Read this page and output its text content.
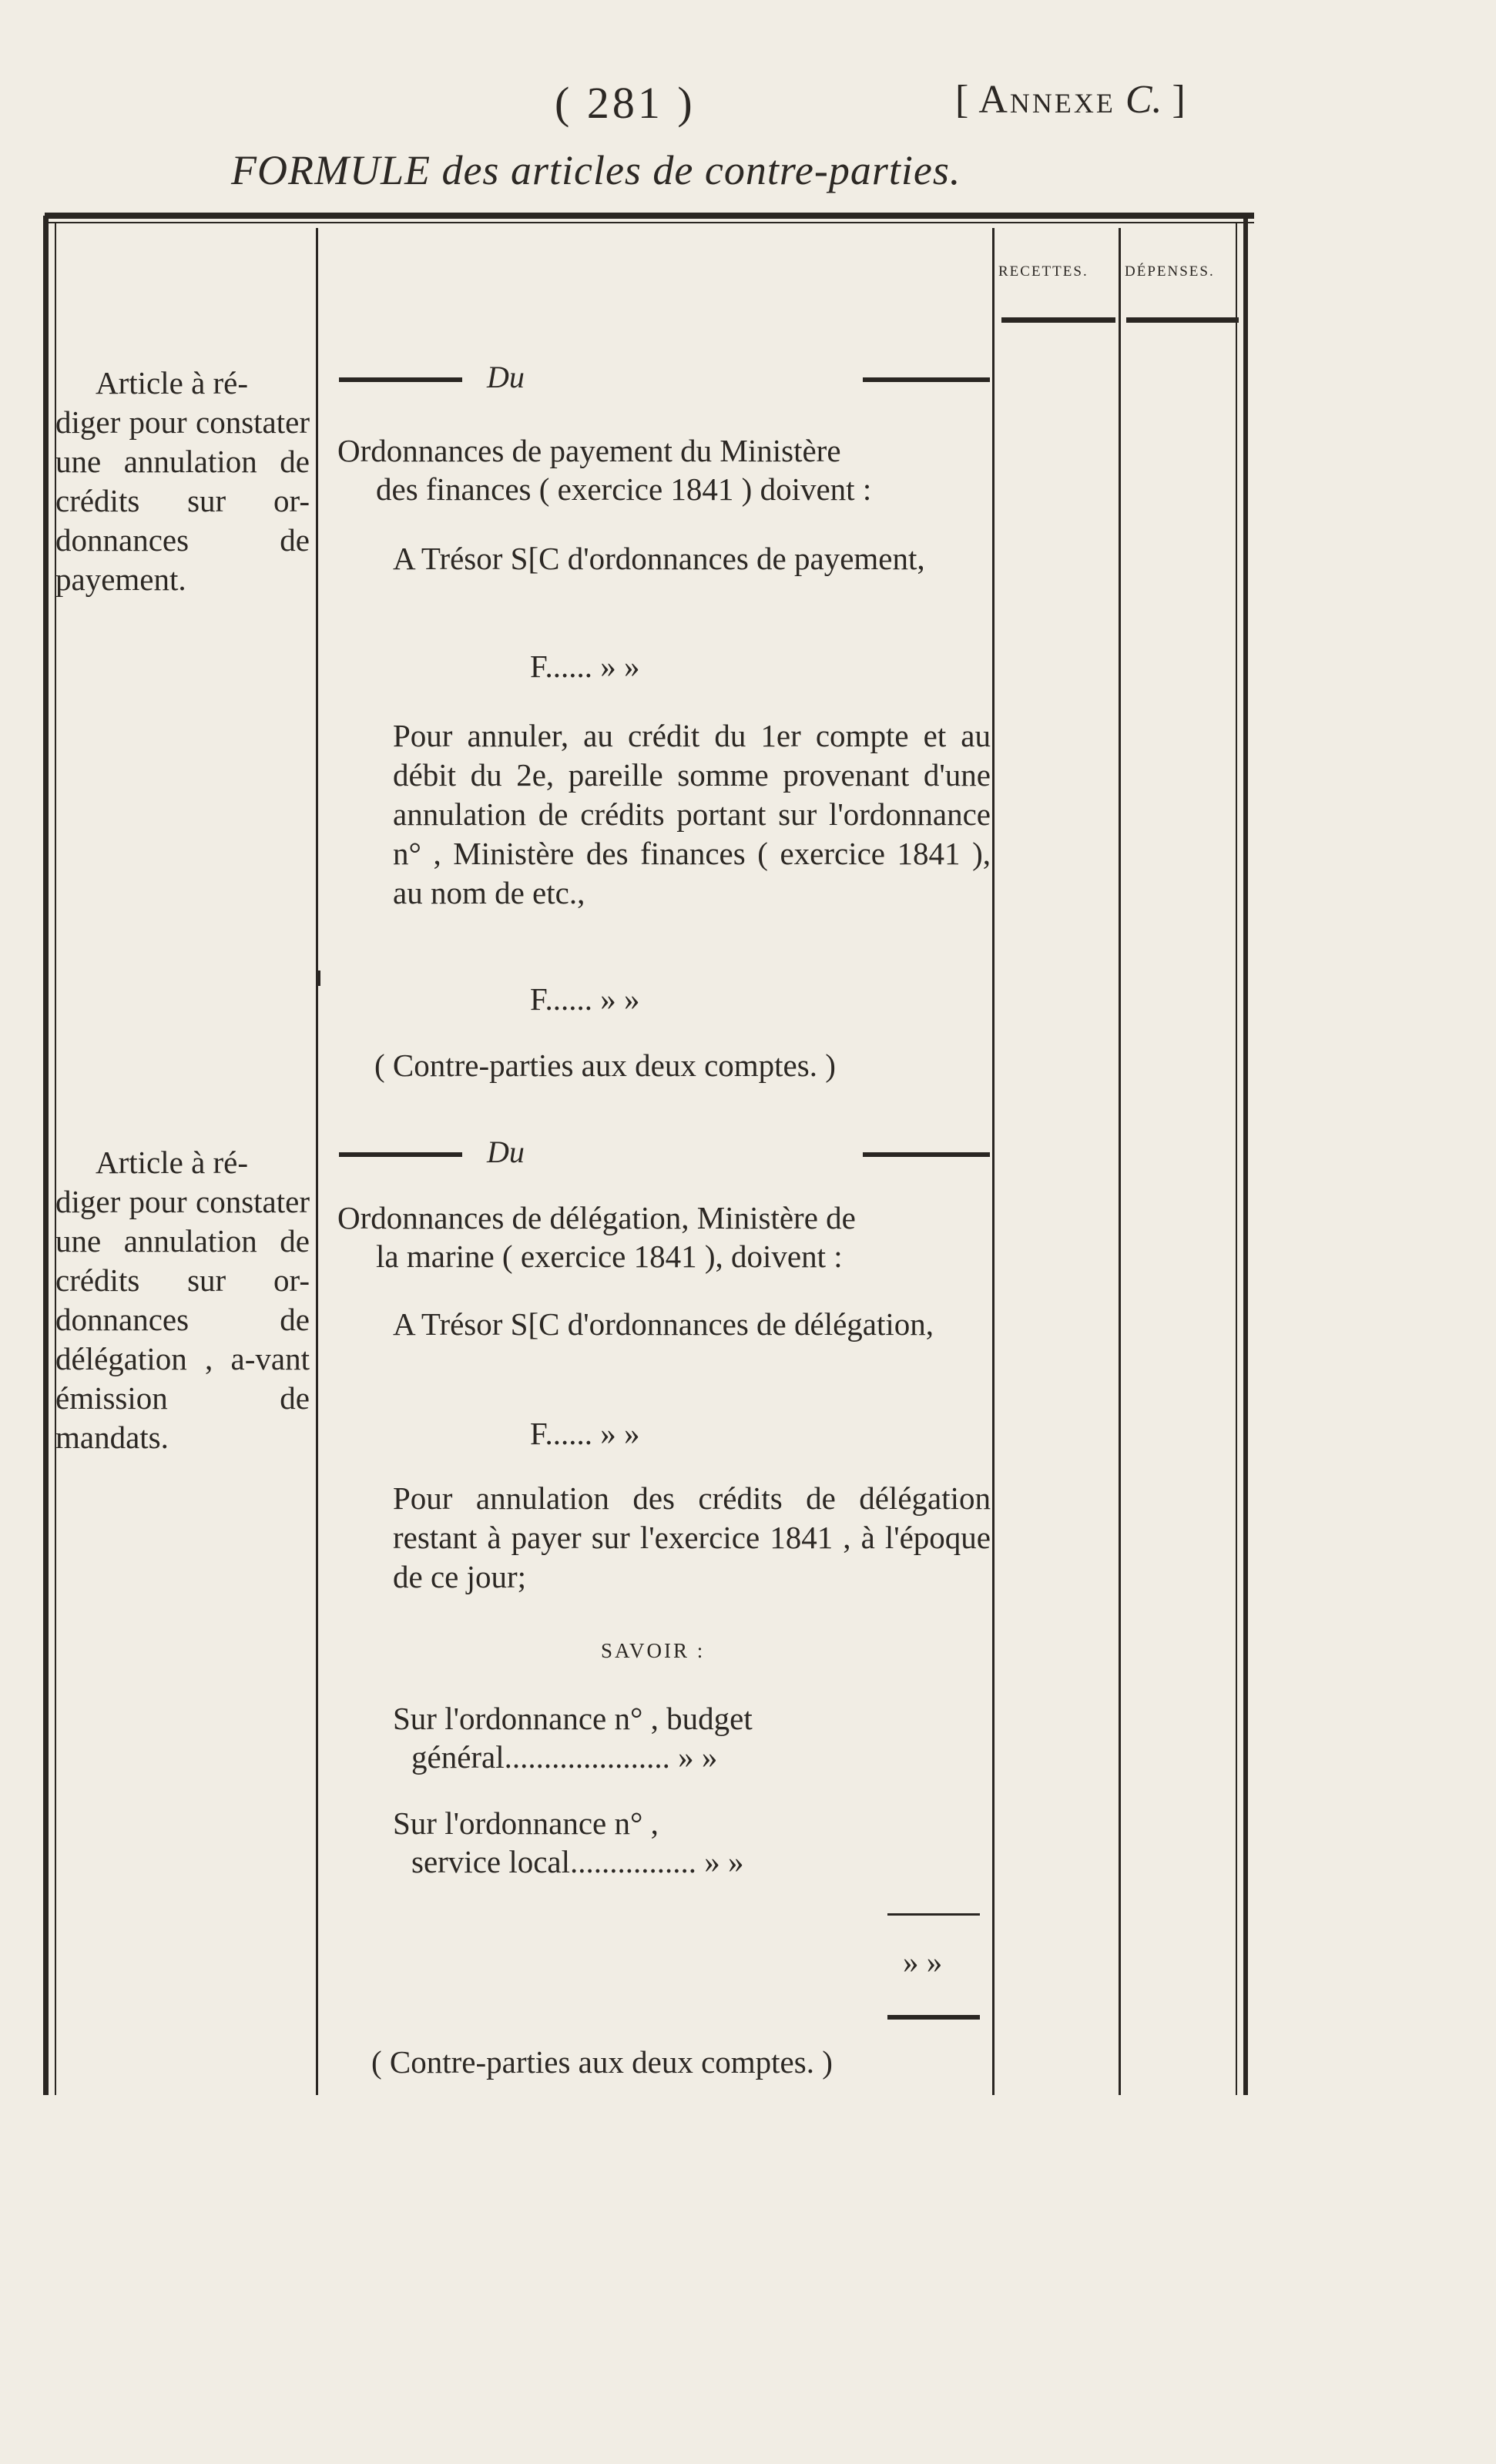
( 281 )	[ Annexe C. ]
FORMULE des articles de contre-parties.
RECETTES. DÉPENSES.
Article à ré-
diger pour constater une annulation de crédits sur or-donnances de payement.
Du
Ordonnances de payement du Ministère
des finances ( exercice 1841 ) doivent :
A Trésor S[C d'ordonnances de payement,
F...... » »
Pour annuler, au crédit du 1er compte et au débit du 2e, pareille somme provenant d'une annulation de crédits portant sur l'ordonnance n° , Ministère des finances ( exercice 1841 ), au nom de etc.,
F...... » »
( Contre-parties aux deux comptes. )
Article à ré-
diger pour constater une annulation de crédits sur or-donnances de délégation , a-vant émission de mandats.
Du
Ordonnances de délégation, Ministère de
la marine ( exercice 1841 ), doivent :
A Trésor S[C d'ordonnances de délégation,
F...... » »
Pour annulation des crédits de délégation restant à payer sur l'exercice 1841 , à l'époque de ce jour;
SAVOIR :
Sur l'ordonnance n° , budget
général..................... » »
Sur l'ordonnance n° ,
service local................ » »
» »
( Contre-parties aux deux comptes. )
